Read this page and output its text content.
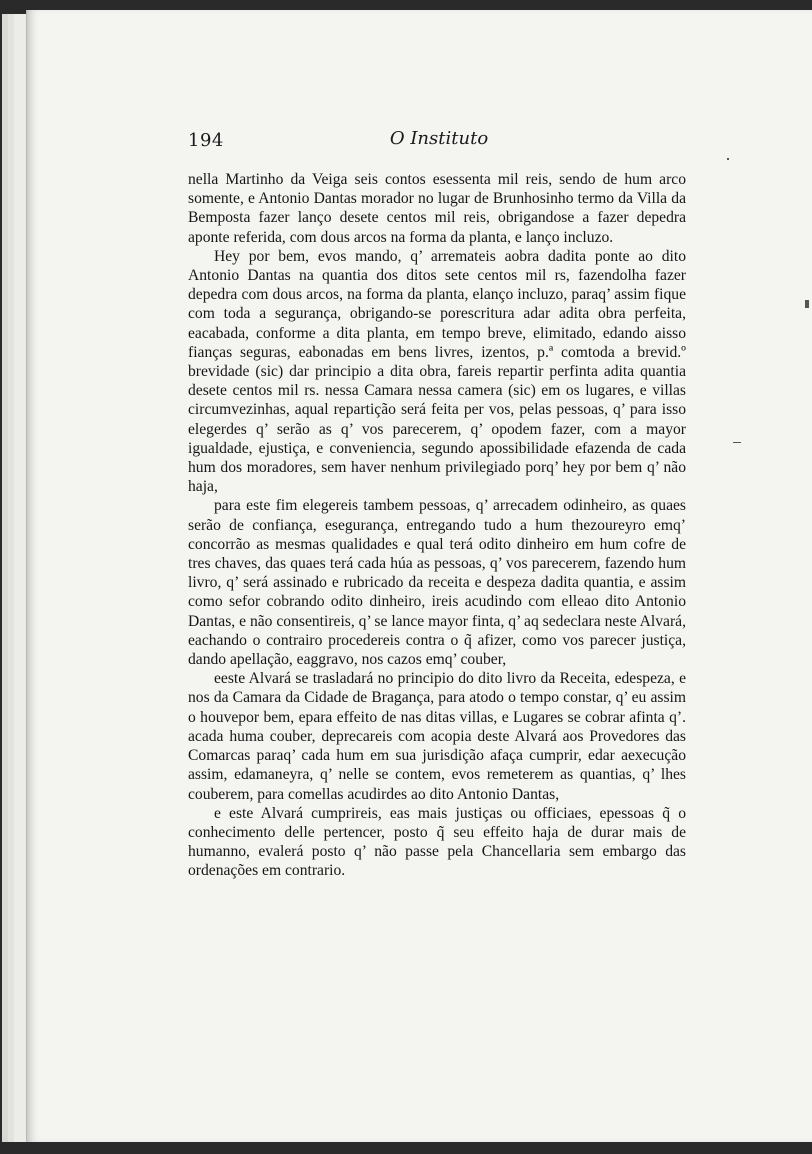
194	O Instituto

nella Martinho da Veiga seis contos esessenta mil reis, sendo de hum arco somente, e Antonio Dantas morador no lugar de Brunhosinho termo da Villa da Bemposta fazer lanço desete centos mil reis, obrigandose a fazer depedra aponte referida, com dous arcos na forma da planta, e lanço incluzo.

Hey por bem, evos mando, q’ arremateis aobra dadita ponte ao dito Antonio Dantas na quantia dos ditos sete centos mil rs, fazendolha fazer depedra com dous arcos, na forma da planta, elanço incluzo, paraq’ assim fique com toda a segurança, obrigando-se porescritura adar adita obra perfeita, eacabada, conforme a dita planta, em tempo breve, elimitado, edando aisso fianças seguras, eabonadas em bens livres, izentos, p.ª comtoda a brevid.º brevidade (sic) dar principio a dita obra, fareis repartir perfinta adita quantia desete centos mil rs. nessa Camara nessa camera (sic) em os lugares, e villas circumvezinhas, aqual repartição será feita per vos, pelas pessoas, q’ para isso elegerdes q’ serão as q’ vos parecerem, q’ opodem fazer, com a mayor igualdade, ejustiça, e conveniencia, segundo apossibilidade efazenda de cada hum dos moradores, sem haver nenhum privilegiado porq’ hey por bem q’ não haja,

para este fim elegereis tambem pessoas, q’ arrecadem odinheiro, as quaes serão de confiança, esegurança, entregando tudo a hum thezoureyro emq’ concorrão as mesmas qualidades e qual terá odito dinheiro em hum cofre de tres chaves, das quaes terá cada húa as pessoas, q’ vos parecerem, fazendo hum livro, q’ será assinado e rubricado da receita e despeza dadita quantia, e assim como sefor cobrando odito dinheiro, ireis acudindo com elleao dito Antonio Dantas, e não consentireis, q’ se lance mayor finta, q’ aq sedeclara neste Alvará, eachando o contrairo procedereis contra o q̃ afizer, como vos parecer justiça, dando apellação, eaggravo, nos cazos emq’ couber,

eeste Alvará se trasladará no principio do dito livro da Receita, edespeza, e nos da Camara da Cidade de Bragança, para atodo o tempo constar, q’ eu assim o houvepor bem, epara effeito de nas ditas villas, e Lugares se cobrar afinta q’. acada huma couber, deprecareis com acopia deste Alvará aos Provedores das Comarcas paraq’ cada hum em sua jurisdição afaça cumprir, edar aexecução assim, edamaneyra, q’ nelle se contem, evos remeterem as quantias, q’ lhes couberem, para comellas acudirdes ao dito Antonio Dantas,

e este Alvará cumprireis, eas mais justiças ou officiaes, epessoas q̃ o conhecimento delle pertencer, posto q̃ seu effeito haja de durar mais de humanno, evalerá posto q’ não passe pela Chancellaria sem embargo das ordenações em contrario.
